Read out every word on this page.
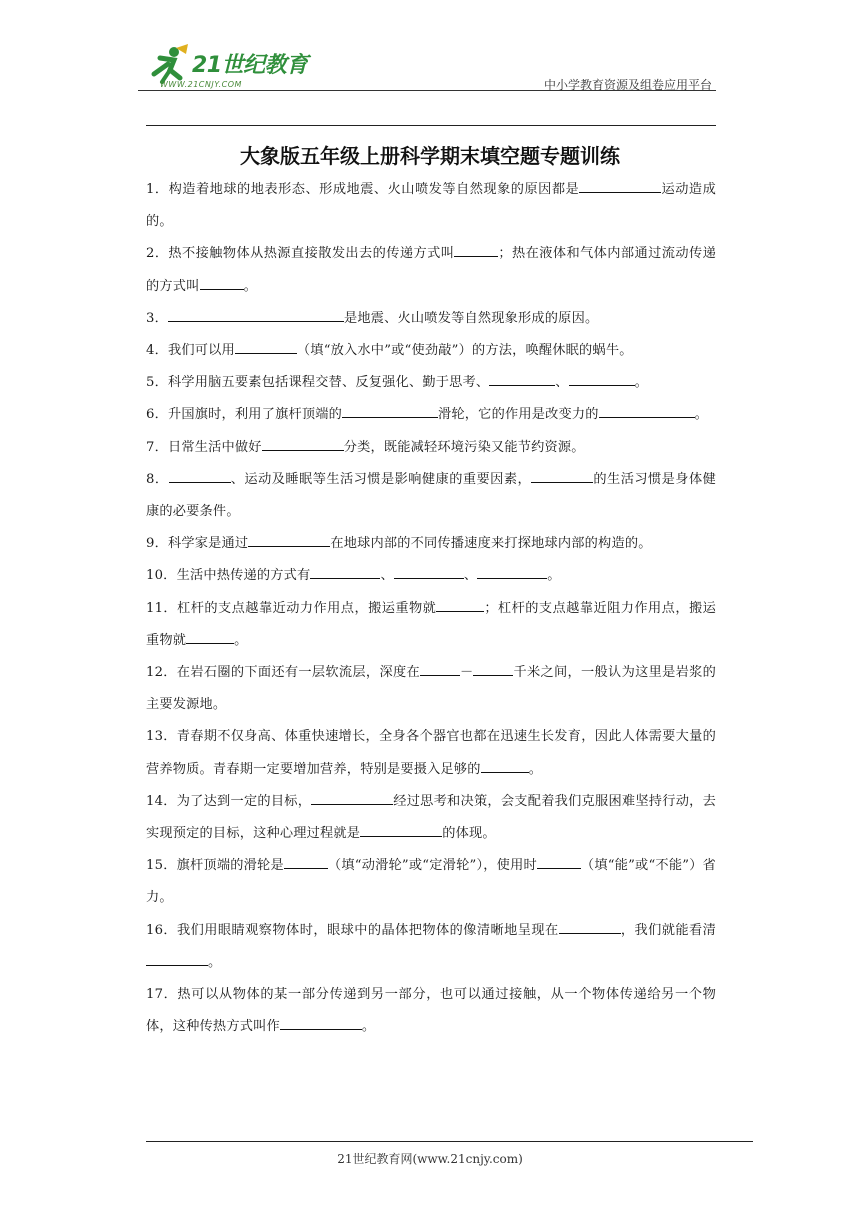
21世纪教育
WWW.21CNJY.COM	中小学教育资源及组卷应用平台
大象版五年级上册科学期末填空题专题训练

1．构造着地球的地表形态、形成地震、火山喷发等自然现象的原因都是	运动造成的。

2．热不接触物体从热源直接散发出去的传递方式叫	；热在液体和气体内部通过流动传递的方式叫	。

3．	是地震、火山喷发等自然现象形成的原因。

4．我们可以用	（填“放入水中”或“使劲敲”）的方法，唤醒休眠的蜗牛。

5．科学用脑五要素包括课程交替、反复强化、勤于思考、	、	。

6．升国旗时，利用了旗杆顶端的	滑轮，它的作用是改变力的	。

7．日常生活中做好	分类，既能减轻环境污染又能节约资源。

8．	、运动及睡眠等生活习惯是影响健康的重要因素，	的生活习惯是身体健康的必要条件。

9．科学家是通过	在地球内部的不同传播速度来打探地球内部的构造的。

10．生活中热传递的方式有	、	、	。

11．杠杆的支点越靠近动力作用点，搬运重物就	；杠杆的支点越靠近阻力作用点，搬运重物就	。

12．在岩石圈的下面还有一层软流层，深度在	－	千米之间，一般认为这里是岩浆的主要发源地。

13．青春期不仅身高、体重快速增长，全身各个器官也都在迅速生长发育，因此人体需要大量的营养物质。青春期一定要增加营养，特别是要摄入足够的	。

14．为了达到一定的目标，	经过思考和决策，会支配着我们克服困难坚持行动，去实现预定的目标，这种心理过程就是	的体现。

15．旗杆顶端的滑轮是	（填“动滑轮”或“定滑轮”），使用时	（填“能”或“不能”）省力。

16．我们用眼睛观察物体时，眼球中的晶体把物体的像清晰地呈现在	，我们就能看清。

17．热可以从物体的某一部分传递到另一部分，也可以通过接触，从一个物体传递给另一个物体，这种传热方式叫作	。

21世纪教育网(www.21cnjy.com)
